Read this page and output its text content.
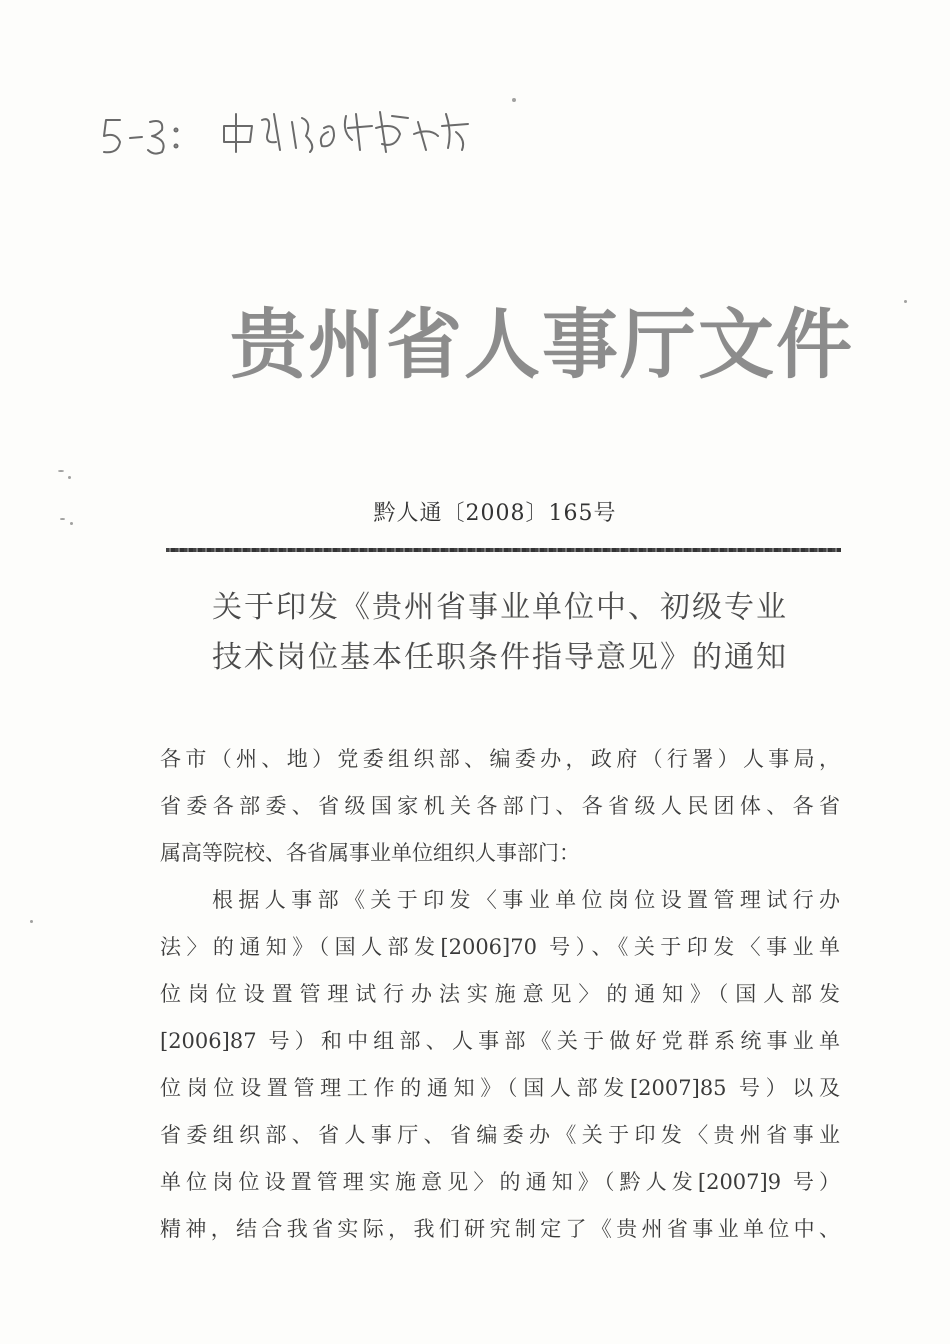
贵州省人事厅文件
黔人通〔2008〕165号
关于印发《贵州省事业单位中、初级专业
技术岗位基本任职条件指导意见》的通知
各市（州、地）党委组织部、编委办，政府（行署）人事局，
省委各部委、省级国家机关各部门、各省级人民团体、各省
属高等院校、各省属事业单位组织人事部门：
根据人事部《关于印发〈事业单位岗位设置管理试行办
法〉的通知》（国人部发[2006]70 号）、《关于印发〈事业单
位岗位设置管理试行办法实施意见〉的通知》（国人部发
[2006]87 号）和中组部、人事部《关于做好党群系统事业单
位岗位设置管理工作的通知》（国人部发[2007]85 号）以及
省委组织部、省人事厅、省编委办《关于印发〈贵州省事业
单位岗位设置管理实施意见〉的通知》（黔人发[2007]9 号）
精神，结合我省实际，我们研究制定了《贵州省事业单位中、
